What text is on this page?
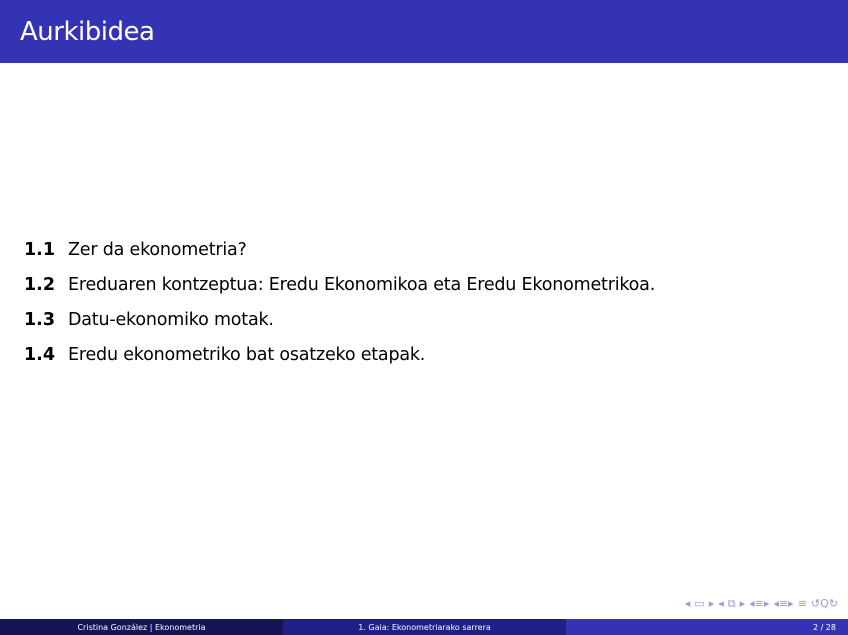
Aurkibidea
1.1 Zer da ekonometria?
1.2 Ereduaren kontzeptua: Eredu Ekonomikoa eta Eredu Ekonometrikoa.
1.3 Datu-ekonomiko motak.
1.4 Eredu ekonometriko bat osatzeko etapak.
◂ ▭ ▸ ◂ ⧉ ▸ ◂≡▸ ◂≡▸ ≡ ↺Q↻
Cristina González | Ekonometria	1. Gaia: Ekonometriarako sarrera	2 / 28
